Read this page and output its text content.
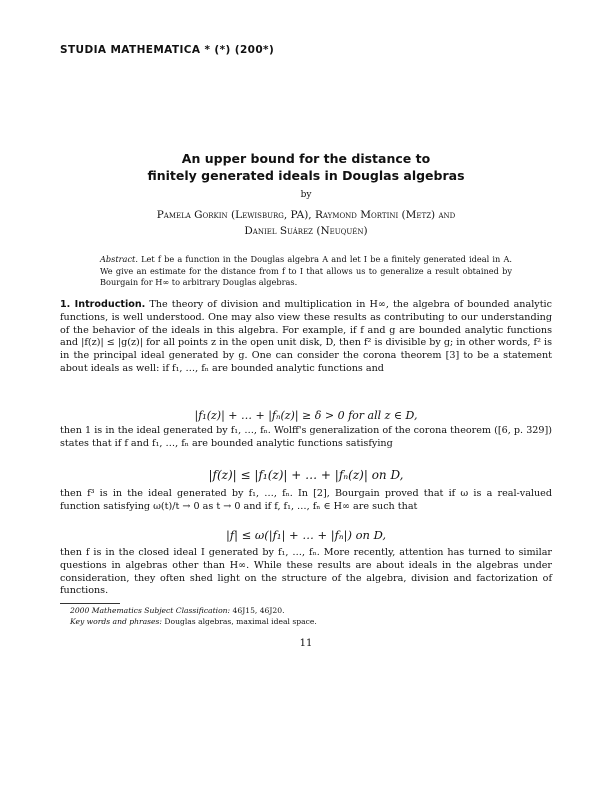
STUDIA MATHEMATICA * (*) (200*)
An upper bound for the distance to
finitely generated ideals in Douglas algebras
by
Pamela Gorkin (Lewisburg, PA), Raymond Mortini (Metz) and
Daniel Suárez (Neuquén)
Abstract. Let f be a function in the Douglas algebra A and let I be a finitely generated ideal in A. We give an estimate for the distance from f to I that allows us to generalize a result obtained by Bourgain for H∞ to arbitrary Douglas algebras.
1. Introduction. The theory of division and multiplication in H∞, the algebra of bounded analytic functions, is well understood. One may also view these results as contributing to our understanding of the behavior of the ideals in this algebra. For example, if f and g are bounded analytic functions and |f(z)| ≤ |g(z)| for all points z in the open unit disk, D, then f² is divisible by g; in other words, f² is in the principal ideal generated by g. One can consider the corona theorem [3] to be a statement about ideals as well: if f₁, …, fₙ are bounded analytic functions and
|f₁(z)| + … + |fₙ(z)| ≥ δ > 0 for all z ∈ D,
then 1 is in the ideal generated by f₁, …, fₙ. Wolff's generalization of the corona theorem ([6, p. 329]) states that if f and f₁, …, fₙ are bounded analytic functions satisfying
|f(z)| ≤ |f₁(z)| + … + |fₙ(z)| on D,
then f³ is in the ideal generated by f₁, …, fₙ. In [2], Bourgain proved that if ω is a real-valued function satisfying ω(t)/t → 0 as t → 0 and if f, f₁, …, fₙ ∈ H∞ are such that
|f| ≤ ω(|f₁| + … + |fₙ|) on D,
then f is in the closed ideal I generated by f₁, …, fₙ. More recently, attention has turned to similar questions in algebras other than H∞. While these results are about ideals in the algebras under consideration, they often shed light on the structure of the algebra, division and factorization of functions.
2000 Mathematics Subject Classification: 46J15, 46J20.
Key words and phrases: Douglas algebras, maximal ideal space.
11
